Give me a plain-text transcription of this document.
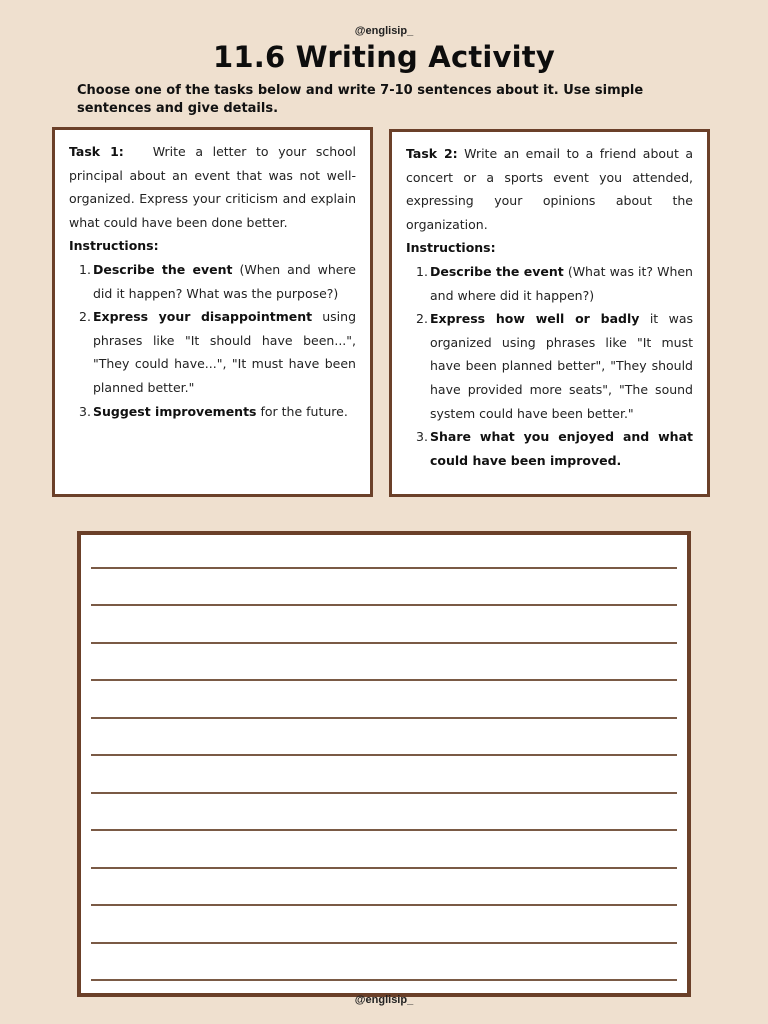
@englisip_
11.6 Writing Activity
Choose one of the tasks below and write 7-10 sentences about it. Use simple sentences and give details.

Task 1: Write a letter to your school principal about an event that was not well-organized. Express your criticism and explain what could have been done better.

Instructions:

1. Describe the event (When and where did it happen? What was the purpose?)
2. Express your disappointment using phrases like "It should have been...", "They could have...", "It must have been planned better."
3. Suggest improvements for the future.

Task 2: Write an email to a friend about a concert or a sports event you attended, expressing your opinions about the organization.

Instructions:

1. Describe the event (What was it? When and where did it happen?)
2. Express how well or badly it was organized using phrases like "It must have been planned better", "They should have provided more seats", "The sound system could have been better."
3. Share what you enjoyed and what could have been improved.
@englisip_
